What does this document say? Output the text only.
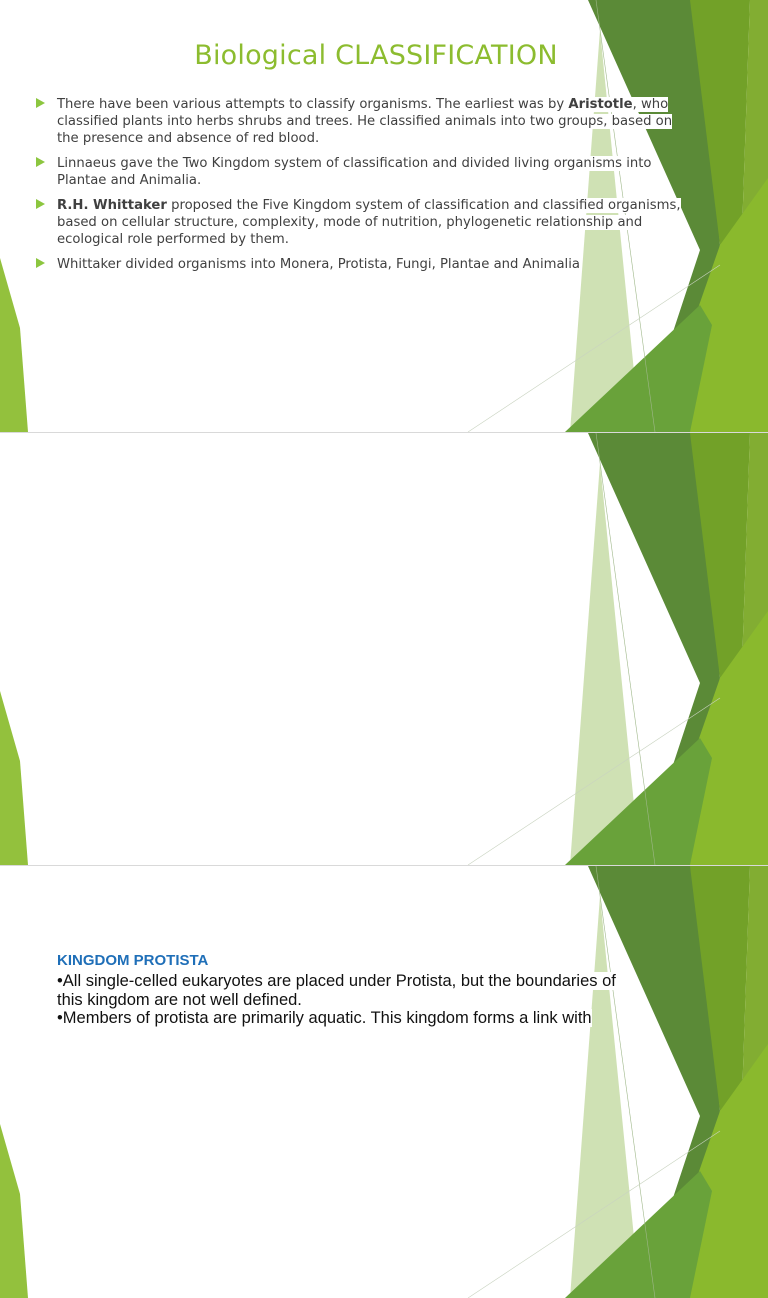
Biological CLASSIFICATION
There have been various attempts to classify organisms. The earliest was by Aristotle, who classified plants into herbs shrubs and trees. He classified animals into two groups, based on the presence and absence of red blood.
Linnaeus gave the Two Kingdom system of classification and divided living organisms into Plantae and Animalia.
R.H. Whittaker proposed the Five Kingdom system of classification and classified organisms, based on cellular structure, complexity, mode of nutrition, phylogenetic relationship and ecological role performed by them.
Whittaker divided organisms into Monera, Protista, Fungi, Plantae and Animalia
KINGDOM PROTISTA
•All single-celled eukaryotes are placed under Protista, but the boundaries of
this kingdom are not well defined.
•Members of protista are primarily aquatic. This kingdom forms a link with
